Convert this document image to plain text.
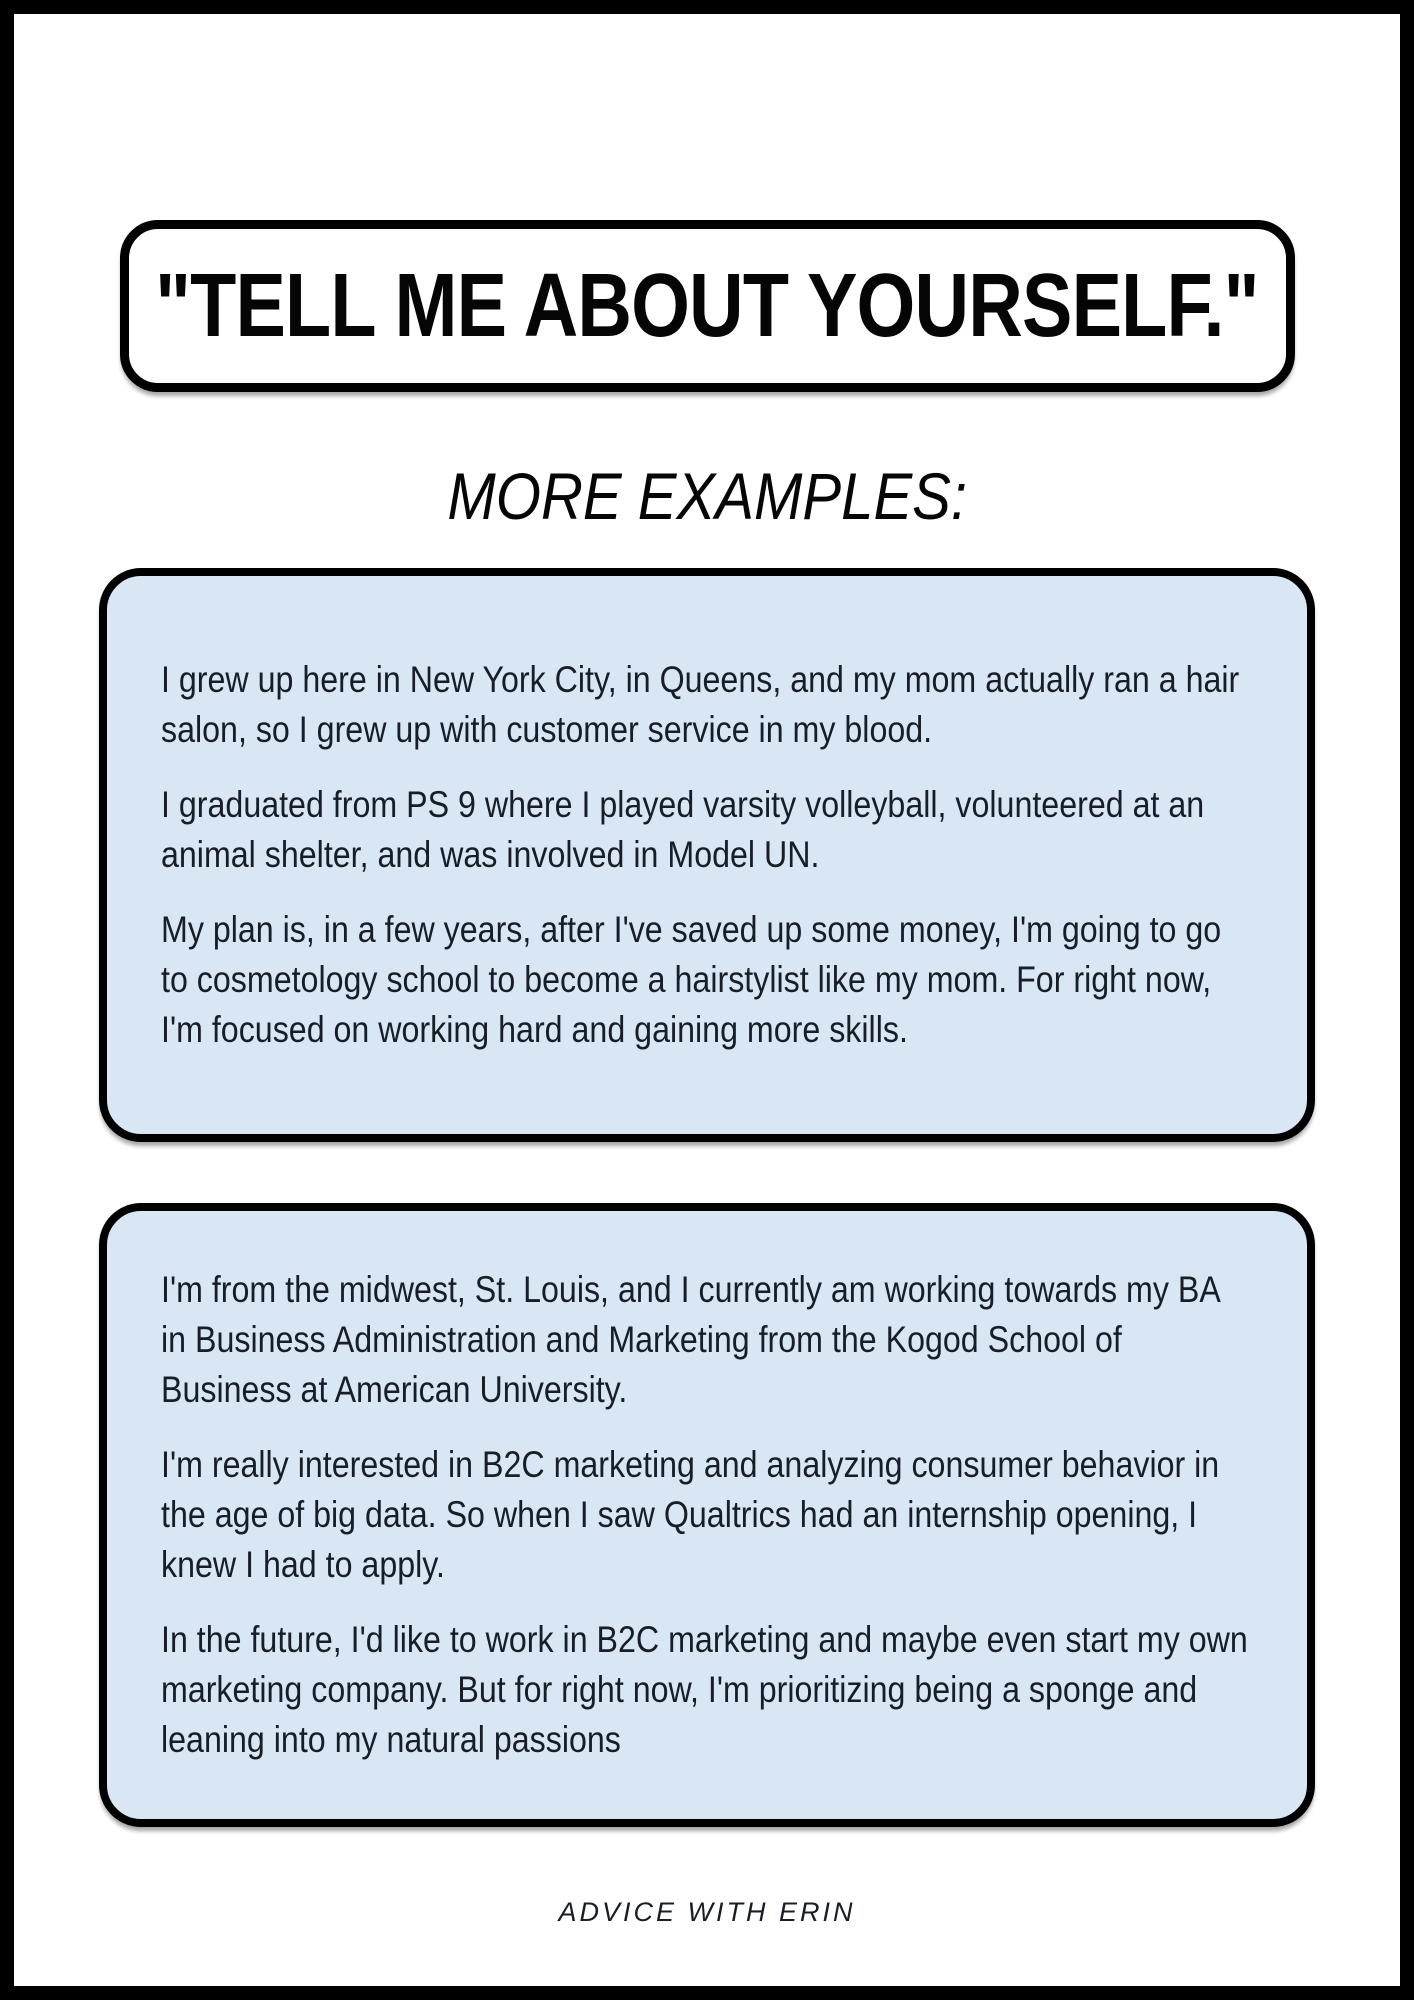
"TELL ME ABOUT YOURSELF."
MORE EXAMPLES:

I grew up here in New York City, in Queens, and my mom actually ran a hair salon, so I grew up with customer service in my blood.

I graduated from PS 9 where I played varsity volleyball, volunteered at an animal shelter, and was involved in Model UN.

My plan is, in a few years, after I've saved up some money, I'm going to go to cosmetology school to become a hairstylist like my mom. For right now, I'm focused on working hard and gaining more skills.

I'm from the midwest, St. Louis, and I currently am working towards my BA in Business Administration and Marketing from the Kogod School of Business at American University.

I'm really interested in B2C marketing and analyzing consumer behavior in the age of big data. So when I saw Qualtrics had an internship opening, I knew I had to apply.

In the future, I'd like to work in B2C marketing and maybe even start my own marketing company. But for right now, I'm prioritizing being a sponge and leaning into my natural passions

ADVICE WITH ERIN
